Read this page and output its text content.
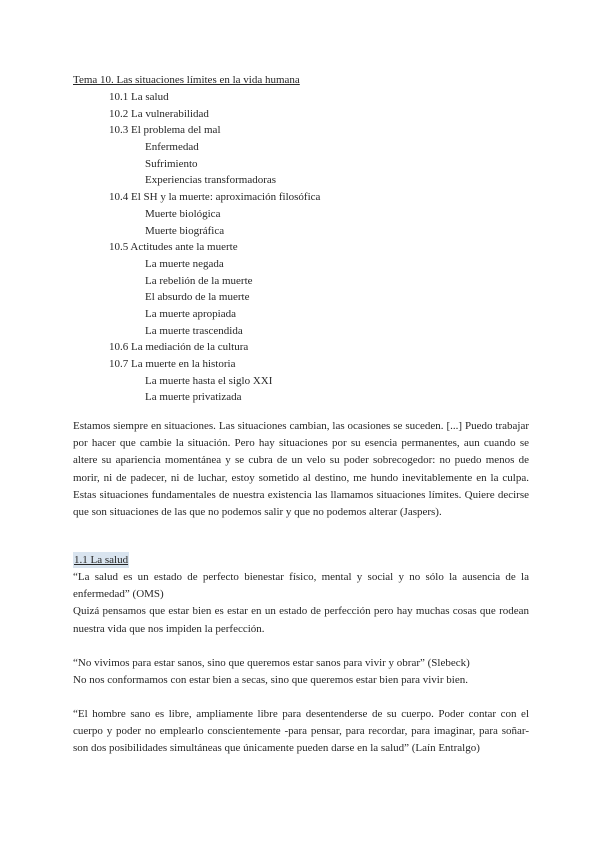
Tema 10. Las situaciones límites en la vida humana
10.1 La salud
10.2 La vulnerabilidad
10.3 El problema del mal
Enfermedad
Sufrimiento
Experiencias transformadoras
10.4 El SH y la muerte: aproximación filosófica
Muerte biológica
Muerte biográfica
10.5 Actitudes ante la muerte
La muerte negada
La rebelión de la muerte
El absurdo de la muerte
La muerte apropiada
La muerte trascendida
10.6 La mediación de la cultura
10.7 La muerte en la historia
La muerte hasta el siglo XXI
La muerte privatizada

Estamos siempre en situaciones. Las situaciones cambian, las ocasiones se suceden. [...] Puedo trabajar por hacer que cambie la situación. Pero hay situaciones por su esencia permanentes, aun cuando se altere su apariencia momentánea y se cubra de un velo su poder sobrecogedor: no puedo menos de morir, ni de padecer, ni de luchar, estoy sometido al destino, me hundo inevitablemente en la culpa. Estas situaciones fundamentales de nuestra existencia las llamamos situaciones límites. Quiere decirse que son situaciones de las que no podemos salir y que no podemos alterar (Jaspers).

1.1 La salud

“La salud es un estado de perfecto bienestar físico, mental y social y no sólo la ausencia de la enfermedad” (OMS)

Quizá pensamos que estar bien es estar en un estado de perfección pero hay muchas cosas que rodean nuestra vida que nos impiden la perfección.

“No vivimos para estar sanos, sino que queremos estar sanos para vivir y obrar” (Slebeck)

No nos conformamos con estar bien a secas, sino que queremos estar bien para vivir bien.

“El hombre sano es libre, ampliamente libre para desentenderse de su cuerpo. Poder contar con el cuerpo y poder no emplearlo conscientemente -para pensar, para recordar, para imaginar, para soñar- son dos posibilidades simultáneas que únicamente pueden darse en la salud” (Laín Entralgo)
